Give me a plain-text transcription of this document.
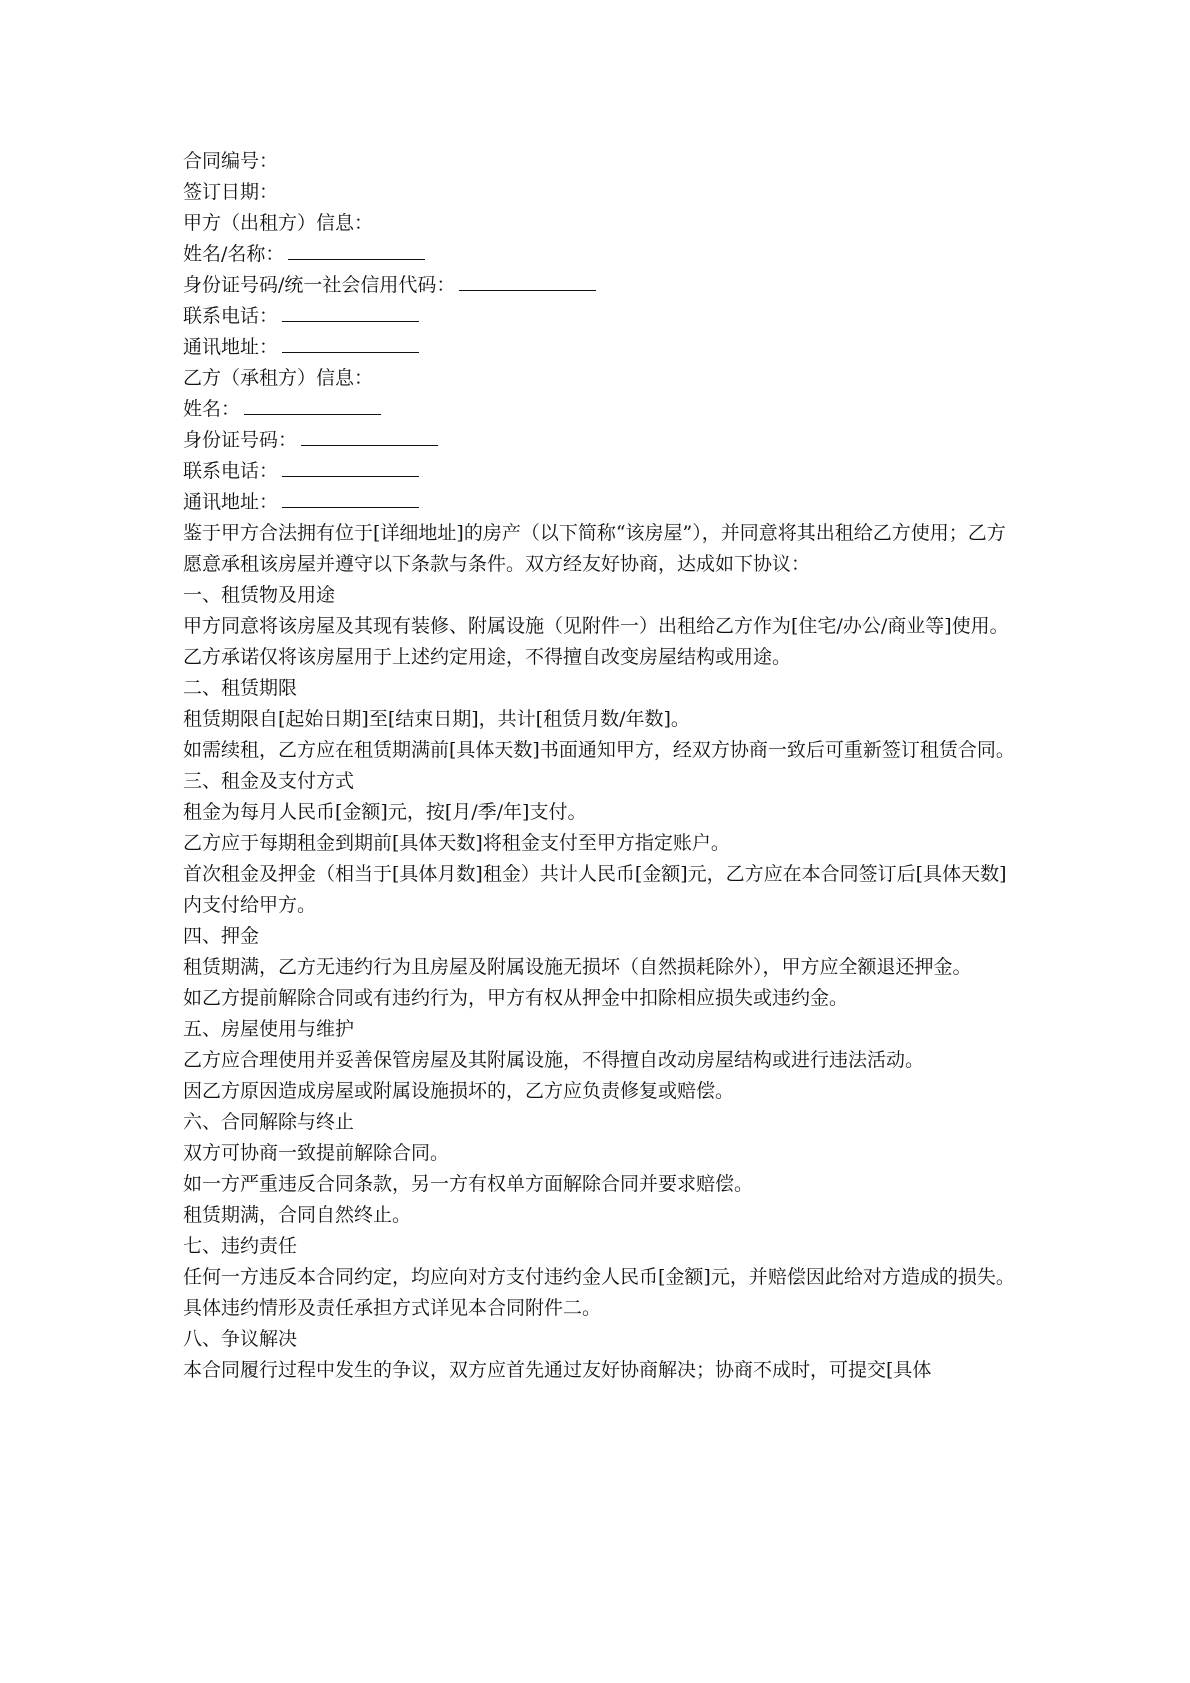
合同编号：

签订日期：

甲方（出租方）信息：

姓名/名称：

身份证号码/统一社会信用代码：

联系电话：

通讯地址：

乙方（承租方）信息：

姓名：

身份证号码：

联系电话：

通讯地址：

鉴于甲方合法拥有位于[详细地址]的房产（以下简称“该房屋”），并同意将其出租给乙方使用；乙方愿意承租该房屋并遵守以下条款与条件。双方经友好协商，达成如下协议：

一、租赁物及用途

甲方同意将该房屋及其现有装修、附属设施（见附件一）出租给乙方作为[住宅/办公/商业等]使用。

乙方承诺仅将该房屋用于上述约定用途，不得擅自改变房屋结构或用途。

二、租赁期限

租赁期限自[起始日期]至[结束日期]，共计[租赁月数/年数]。

如需续租，乙方应在租赁期满前[具体天数]书面通知甲方，经双方协商一致后可重新签订租赁合同。

三、租金及支付方式

租金为每月人民币[金额]元，按[月/季/年]支付。

乙方应于每期租金到期前[具体天数]将租金支付至甲方指定账户。

首次租金及押金（相当于[具体月数]租金）共计人民币[金额]元，乙方应在本合同签订后[具体天数]内支付给甲方。

四、押金

租赁期满，乙方无违约行为且房屋及附属设施无损坏（自然损耗除外），甲方应全额退还押金。

如乙方提前解除合同或有违约行为，甲方有权从押金中扣除相应损失或违约金。

五、房屋使用与维护

乙方应合理使用并妥善保管房屋及其附属设施，不得擅自改动房屋结构或进行违法活动。

因乙方原因造成房屋或附属设施损坏的，乙方应负责修复或赔偿。

六、合同解除与终止

双方可协商一致提前解除合同。

如一方严重违反合同条款，另一方有权单方面解除合同并要求赔偿。

租赁期满，合同自然终止。

七、违约责任

任何一方违反本合同约定，均应向对方支付违约金人民币[金额]元，并赔偿因此给对方造成的损失。

具体违约情形及责任承担方式详见本合同附件二。

八、争议解决

本合同履行过程中发生的争议，双方应首先通过友好协商解决；协商不成时，可提交[具体
